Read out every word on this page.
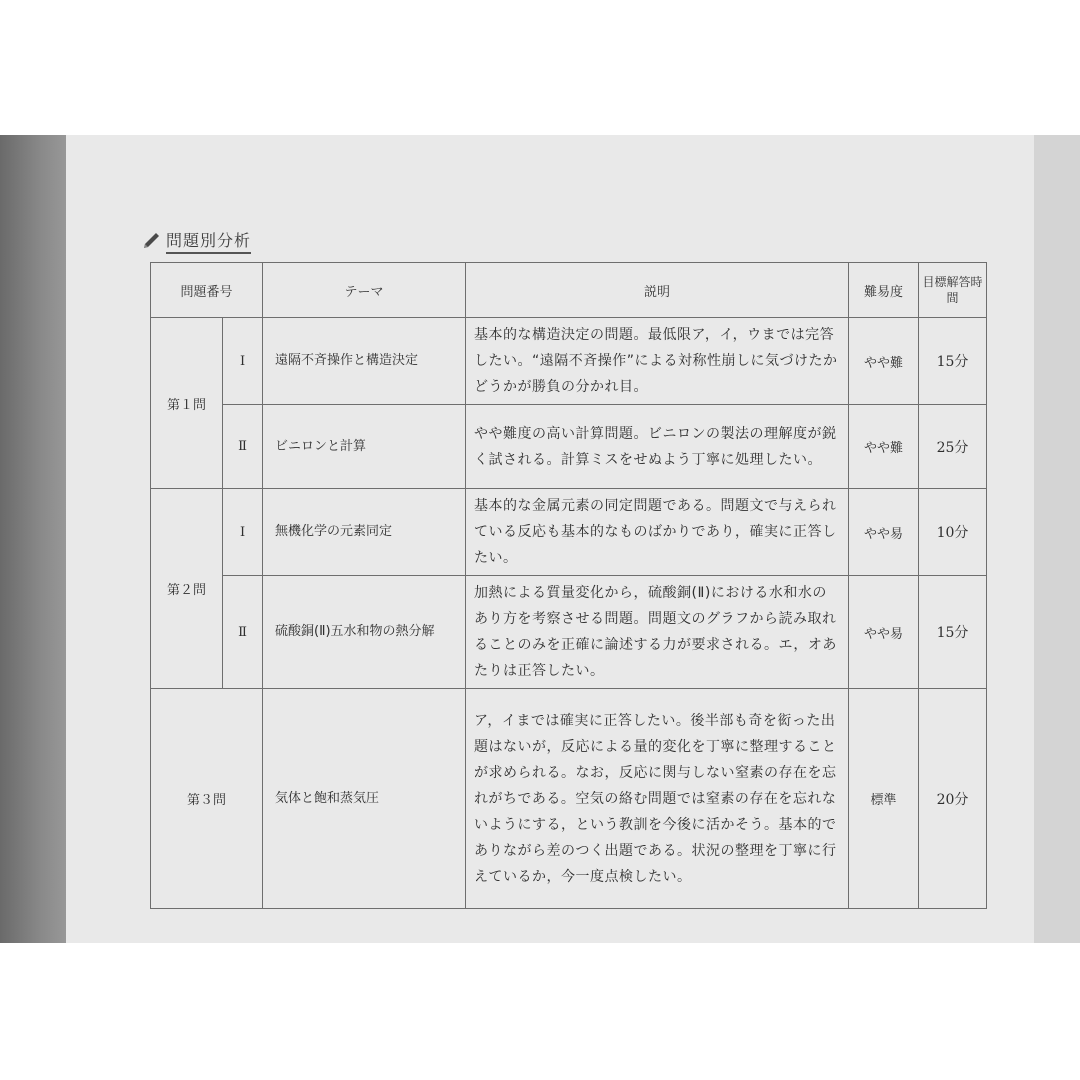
問題別分析
問題番号		テーマ	説明	難易度	目標解答時間
第１問	Ⅰ	遠隔不斉操作と構造決定	基本的な構造決定の問題。最低限ア，イ，ウまでは完答したい。“遠隔不斉操作”による対称性崩しに気づけたかどうかが勝負の分かれ目。	やや難	15分
	Ⅱ	ビニロンと計算	やや難度の高い計算問題。ビニロンの製法の理解度が鋭く試される。計算ミスをせぬよう丁寧に処理したい。	やや難	25分
第２問	Ⅰ	無機化学の元素同定	基本的な金属元素の同定問題である。問題文で与えられている反応も基本的なものばかりであり，確実に正答したい。	やや易	10分
	Ⅱ	硫酸銅(Ⅱ)五水和物の熱分解	加熱による質量変化から，硫酸銅(Ⅱ)における水和水のあり方を考察させる問題。問題文のグラフから読み取れることのみを正確に論述する力が要求される。エ，オあたりは正答したい。	やや易	15分
第３問		気体と飽和蒸気圧	ア，イまでは確実に正答したい。後半部も奇を衒った出題はないが，反応による量的変化を丁寧に整理することが求められる。なお，反応に関与しない窒素の存在を忘れがちである。空気の絡む問題では窒素の存在を忘れないようにする，という教訓を今後に活かそう。基本的でありながら差のつく出題である。状況の整理を丁寧に行えているか，今一度点検したい。	標準	20分
